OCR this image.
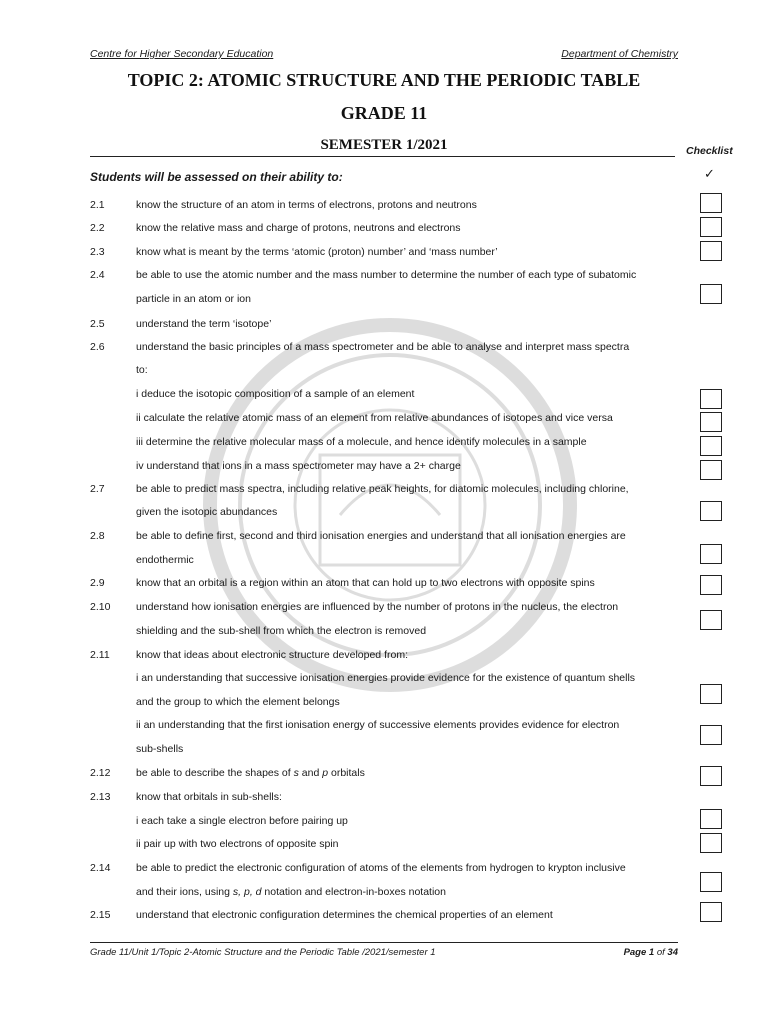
Centre for Higher Secondary Education	Department of Chemistry
TOPIC 2: ATOMIC STRUCTURE AND THE PERIODIC TABLE
GRADE 11
SEMESTER 1/2021	Checklist
✓
Students will be assessed on their ability to:
2.1	know the structure of an atom in terms of electrons, protons and neutrons
2.2	know the relative mass and charge of protons, neutrons and electrons
2.3	know what is meant by the terms ‘atomic (proton) number’ and ‘mass number’
2.4	be able to use the atomic number and the mass number to determine the number of each type of subatomic
particle in an atom or ion
2.5	understand the term ‘isotope’
2.6	understand the basic principles of a mass spectrometer and be able to analyse and interpret mass spectra
to:
i deduce the isotopic composition of a sample of an element
ii calculate the relative atomic mass of an element from relative abundances of isotopes and vice versa
iii determine the relative molecular mass of a molecule, and hence identify molecules in a sample
iv understand that ions in a mass spectrometer may have a 2+ charge
2.7	be able to predict mass spectra, including relative peak heights, for diatomic molecules, including chlorine,
given the isotopic abundances
2.8	be able to define first, second and third ionisation energies and understand that all ionisation energies are
endothermic
2.9	know that an orbital is a region within an atom that can hold up to two electrons with opposite spins
2.10 understand how ionisation energies are influenced by the number of protons in the nucleus, the electron
shielding and the sub-shell from which the electron is removed
2.11	know that ideas about electronic structure developed from:
i an understanding that successive ionisation energies provide evidence for the existence of quantum shells
and the group to which the element belongs
ii an understanding that the first ionisation energy of successive elements provides evidence for electron
sub-shells
2.12 be able to describe the shapes of s and p orbitals
2.13 know that orbitals in sub-shells:
i each take a single electron before pairing up
ii pair up with two electrons of opposite spin
2.14 be able to predict the electronic configuration of atoms of the elements from hydrogen to krypton inclusive
and their ions, using s, p, d notation and electron-in-boxes notation
2.15 understand that electronic configuration determines the chemical properties of an element
Grade 11/Unit 1/Topic 2-Atomic Structure and the Periodic Table /2021/semester 1	Page 1 of 34
